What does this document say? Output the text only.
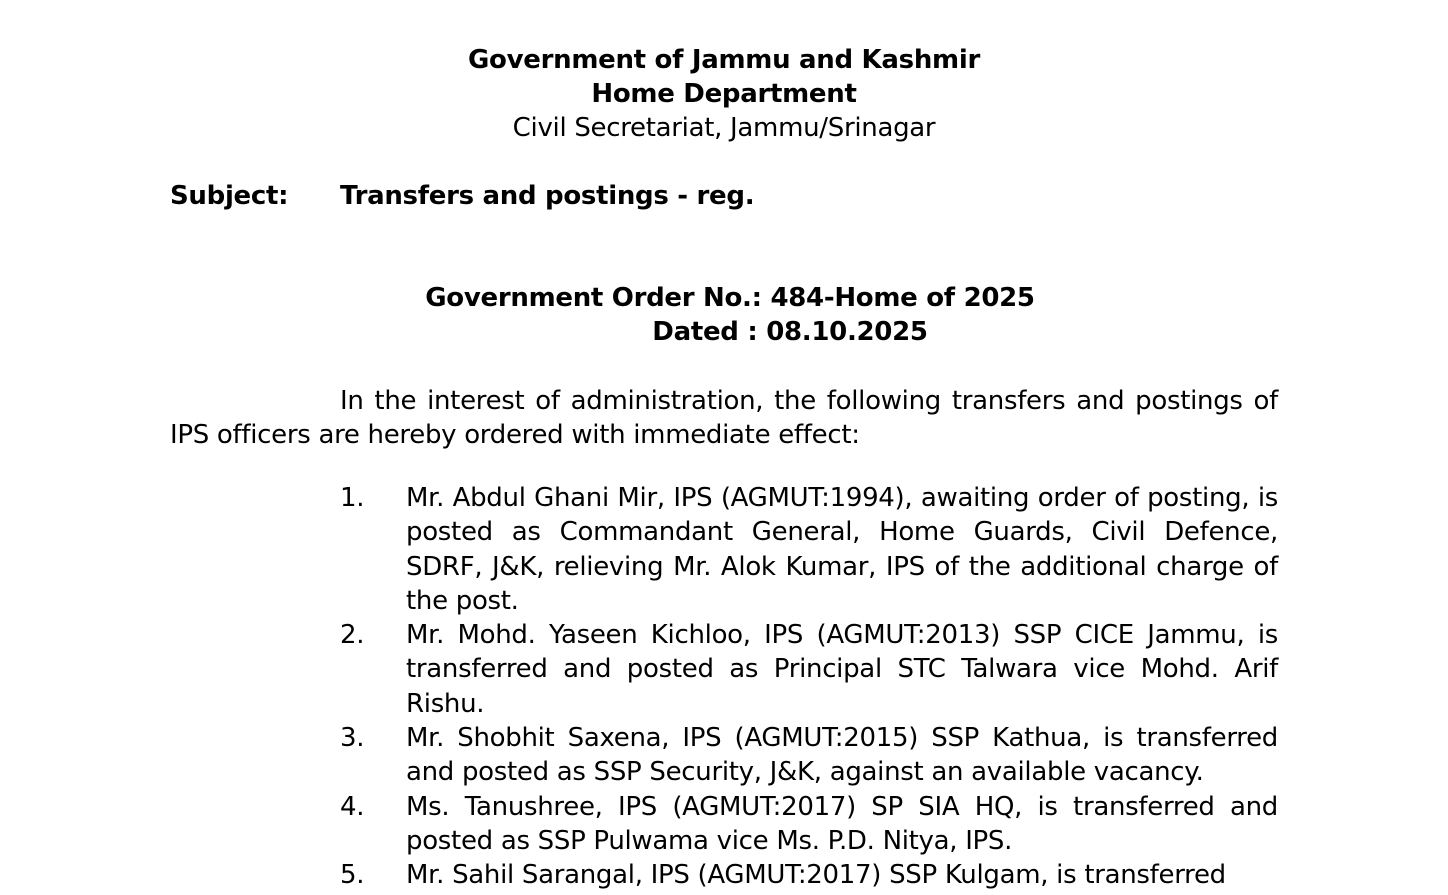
Government of Jammu and Kashmir
Home Department
Civil Secretariat, Jammu/Srinagar
Subject: Transfers and postings - reg.
Government Order No.: 484-Home of 2025
Dated : 08.10.2025
In the interest of administration, the following transfers and postings of IPS officers are hereby ordered with immediate effect:
1.	Mr. Abdul Ghani Mir, IPS (AGMUT:1994), awaiting order of posting, is posted as Commandant General, Home Guards, Civil Defence, SDRF, J&K, relieving Mr. Alok Kumar, IPS of the additional charge of the post.
2.	Mr. Mohd. Yaseen Kichloo, IPS (AGMUT:2013) SSP CICE Jammu, is transferred and posted as Principal STC Talwara vice Mohd. Arif Rishu.
3.	Mr. Shobhit Saxena, IPS (AGMUT:2015) SSP Kathua, is transferred and posted as SSP Security, J&K, against an available vacancy.
4.	Ms. Tanushree, IPS (AGMUT:2017) SP SIA HQ, is transferred and posted as SSP Pulwama vice Ms. P.D. Nitya, IPS.
5.	Mr. Sahil Sarangal, IPS (AGMUT:2017) SSP Kulgam, is transferred
